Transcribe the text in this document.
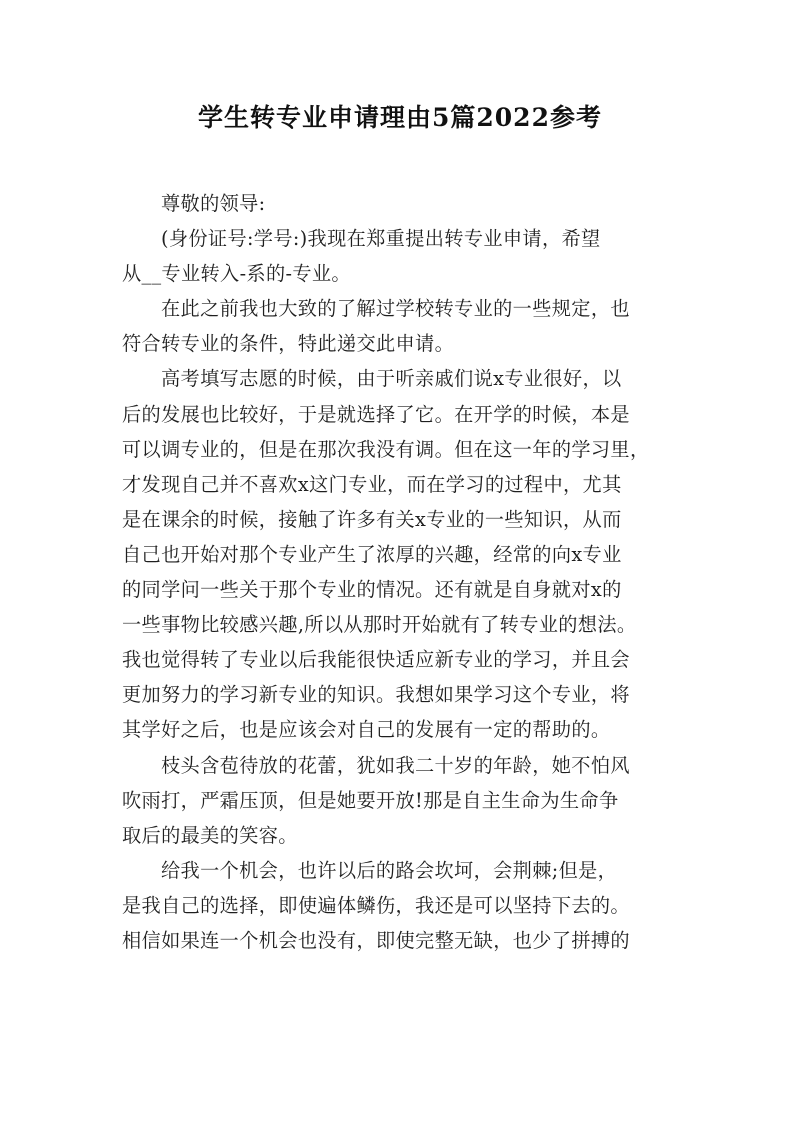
学生转专业申请理由5篇2022参考

尊敬的领导:

(身份证号:学号:)我现在郑重提出转专业申请，希望
从__专业转入-系的-专业。

在此之前我也大致的了解过学校转专业的一些规定，也
符合转专业的条件，特此递交此申请。

高考填写志愿的时候，由于听亲戚们说x专业很好，以
后的发展也比较好，于是就选择了它。在开学的时候，本是
可以调专业的，但是在那次我没有调。但在这一年的学习里，
才发现自己并不喜欢x这门专业，而在学习的过程中，尤其
是在课余的时候，接触了许多有关x专业的一些知识，从而
自己也开始对那个专业产生了浓厚的兴趣，经常的向x专业
的同学问一些关于那个专业的情况。还有就是自身就对x的
一些事物比较感兴趣,所以从那时开始就有了转专业的想法。
我也觉得转了专业以后我能很快适应新专业的学习，并且会
更加努力的学习新专业的知识。我想如果学习这个专业，将
其学好之后，也是应该会对自己的发展有一定的帮助的。

枝头含苞待放的花蕾，犹如我二十岁的年龄，她不怕风
吹雨打，严霜压顶，但是她要开放!那是自主生命为生命争
取后的最美的笑容。

给我一个机会，也许以后的路会坎坷，会荆棘;但是，
是我自己的选择，即使遍体鳞伤，我还是可以坚持下去的。
相信如果连一个机会也没有，即使完整无缺，也少了拼搏的
